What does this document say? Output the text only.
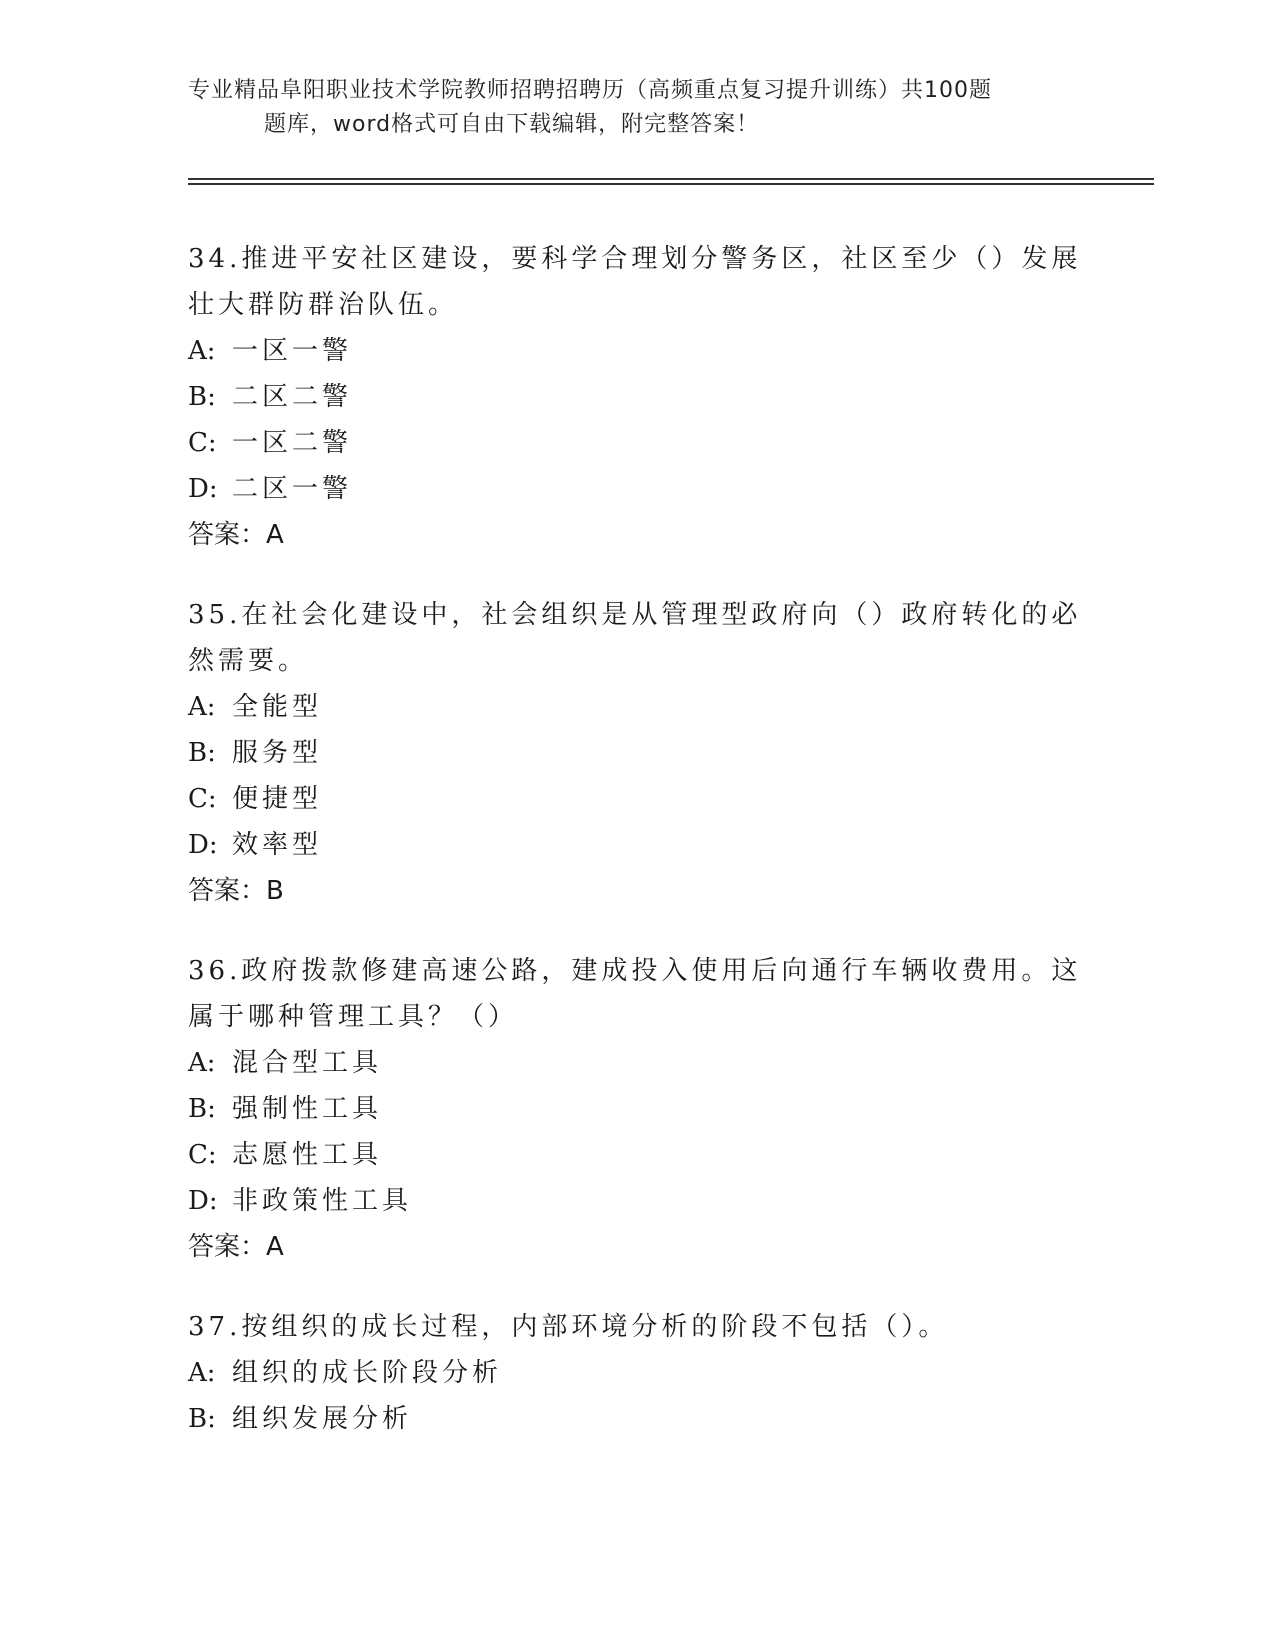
专业精品阜阳职业技术学院教师招聘招聘历（高频重点复习提升训练）共100题
题库，word格式可自由下载编辑，附完整答案！
34.推进平安社区建设，要科学合理划分警务区，社区至少（）发展壮大群防群治队伍。
A: 一区一警
B: 二区二警
C: 一区二警
D: 二区一警
答案：A
35.在社会化建设中，社会组织是从管理型政府向（）政府转化的必然需要。
A: 全能型
B: 服务型
C: 便捷型
D: 效率型
答案：B
36.政府拨款修建高速公路，建成投入使用后向通行车辆收费用。这属于哪种管理工具？（）
A: 混合型工具
B: 强制性工具
C: 志愿性工具
D: 非政策性工具
答案：A
37.按组织的成长过程，内部环境分析的阶段不包括（）。
A: 组织的成长阶段分析
B: 组织发展分析
